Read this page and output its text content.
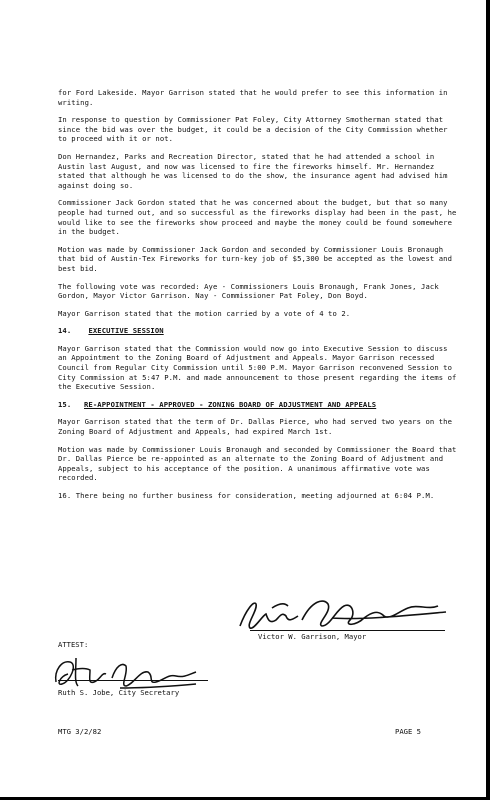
for Ford Lakeside. Mayor Garrison stated that he would prefer to see this information in writing.

In response to question by Commissioner Pat Foley, City Attorney Smotherman stated that since the bid was over the budget, it could be a decision of the City Commission whether to proceed with it or not.

Don Hernandez, Parks and Recreation Director, stated that he had attended a school in Austin last August, and now was licensed to fire the fireworks himself. Mr. Hernandez stated that although he was licensed to do the show, the insurance agent had advised him against doing so.

Commissioner Jack Gordon stated that he was concerned about the budget, but that so many people had turned out, and so successful as the fireworks display had been in the past, he would like to see the fireworks show proceed and maybe the money could be found somewhere in the budget.

Motion was made by Commissioner Jack Gordon and seconded by Commissioner Louis Bronaugh that bid of Austin-Tex Fireworks for turn-key job of $5,300 be accepted as the lowest and best bid.

The following vote was recorded: Aye - Commissioners Louis Bronaugh, Frank Jones, Jack Gordon, Mayor Victor Garrison. Nay - Commissioner Pat Foley, Don Boyd.

Mayor Garrison stated that the motion carried by a vote of 4 to 2.

14. EXECUTIVE SESSION

Mayor Garrison stated that the Commission would now go into Executive Session to discuss an Appointment to the Zoning Board of Adjustment and Appeals. Mayor Garrison recessed Council from Regular City Commission until 5:00 P.M. Mayor Garrison reconvened Session to City Commission at 5:47 P.M. and made announcement to those present regarding the items of the Executive Session.

15.	RE-APPOINTMENT - APPROVED - ZONING BOARD OF ADJUSTMENT AND APPEALS

Mayor Garrison stated that the term of Dr. Dallas Pierce, who had served two years on the Zoning Board of Adjustment and Appeals, had expired March 1st.

Motion was made by Commissioner Louis Bronaugh and seconded by Commissioner the Board that Dr. Dallas Pierce be re-appointed as an alternate to the Zoning Board of Adjustment and Appeals, subject to his acceptance of the position. A unanimous affirmative vote was recorded.

16. There being no further business for consideration, meeting adjourned at 6:04 P.M.

Victor W. Garrison, Mayor
ATTEST:
Ruth S. Jobe, City Secretary
MTG 3/2/82	PAGE 5
